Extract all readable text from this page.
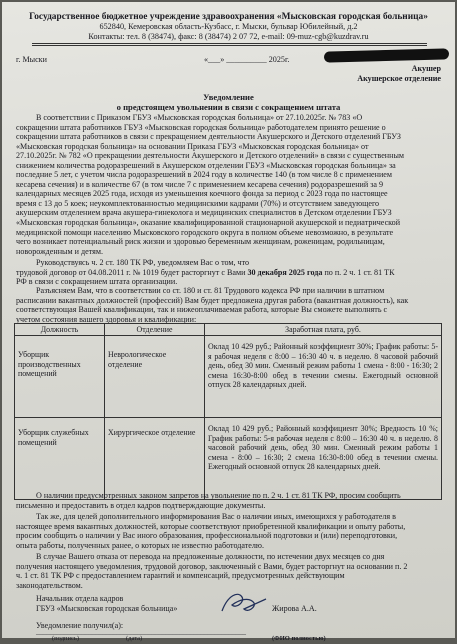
Государственное бюджетное учреждение здравоохранения «Мысковская городская больница»
652840, Кемеровская область-Кузбасс, г. Мыски, бульвар Юбилейный, д.2
Контакты: тел. 8 (38474), факс: 8 (38474) 2 07 72, e-mail: 09-muz-cgb@kuzdrav.ru
г. Мыски	«___» __________ 2025г.
Акушер
Акушерское отделение
Уведомление
о предстоящем увольнении в связи с сокращением штата
В соответствии с Приказом ГБУЗ «Мысковская городская больница» от 27.10.2025г. № 783 «О
сокращении штата работников ГБУЗ «Мысковская городская больница» работодателем принято решение о
сокращении штата работников в связи с прекращением деятельности Акушерского и Детского отделений ГБУЗ
«Мысковская городская больница» на основании Приказа ГБУЗ «Мысковская городская больница» от
27.10.2025г. № 782 «О прекращении деятельности Акушерского и Детского отделений» в связи с существенным
снижением количества родоразрешений в Акушерском отделении ГБУЗ «Мысковская городская больница» за
последние 5 лет, с учетом числа родоразрешений в 2024 году в количестве 140 (в том числе 8 с применением
кесарева сечения) и в количестве 67 (в том числе 7 с применением кесарева сечения) родоразрешений за 9
календарных месяцев 2025 года, исходя из уменьшения коечного фонда за период с 2023 года по настоящее
время с 13 до 5 коек; неукомплектованностью медицинскими кадрами (70%) и отсутствием заведующего
акушерским отделением врача акушера-гинеколога и медицинских специалистов в Детском отделении ГБУЗ
«Мысковская городская больница», оказание квалифицированной стационарной акушерской и педиатрической
медицинской помощи населению Мысковского городского округа в полном объеме невозможно, в результате
чего возникает потенциальный риск жизни и здоровью беременным женщинам, роженицам, родильницам,
новорожденным и детям.
Руководствуясь ч. 2 ст. 180 ТК РФ, уведомляем Вас о том, что
трудовой договор от 04.08.2011 г. № 1019 будет расторгнут с Вами 30 декабря 2025 года по п. 2 ч. 1 ст. 81 ТК
РФ в связи с сокращением штата организации.
Разъясняем Вам, что в соответствии со ст. 180 и ст. 81 Трудового кодекса РФ при наличии в штатном
расписании вакантных должностей (профессий) Вам будет предложена другая работа (вакантная должность), как
соответствующая Вашей квалификации, так и нижеоплачиваемая работа, которые Вы сможете выполнять с
учетом состояния вашего здоровья и квалификации:
Должность	Отделение	Заработная плата, руб.
Уборщик производственных помещений	Неврологическое отделение	Оклад 10 429 руб.; Районный коэффициент 30%; График работы: 5-я рабочая неделя с 8:00 – 16:30 40 ч. в неделю. 8 часовой рабочий день, обед 30 мин. Сменный режим работы 1 смена - 8:00 - 16:30; 2 смена 16:30-8:00 обед в течении смены. Ежегодный основной отпуск 28 календарных дней.
Уборщик служебных помещений	Хирургическое отделение	Оклад 10 429 руб.; Районный коэффициент 30%; Вредность 10 %; График работы: 5-я рабочая неделя с 8:00 – 16:30 40 ч. в неделю. 8 часовой рабочий день, обед 30 мин. Сменный режим работы 1 смена - 8:00 – 16:30; 2 смена 16:30-8:00 обед в течении смены. Ежегодный основной отпуск 28 календарных дней.
О наличии предусмотренных законом запретов на увольнение по п. 2 ч. 1 ст. 81 ТК РФ, просим сообщить
письменно и предоставить в отдел кадров подтверждающие документы.
Так же, для целей дополнительного информирования Вас о наличии иных, имеющихся у работодателя в
настоящее время вакантных должностей, которые соответствуют приобретенной квалификации и опыту работы,
просим сообщить о наличии у Вас иного образования, профессиональной подготовки и (или) переподготовки,
опыта работы, полученных ранее, о которых не известно работодателю.
В случае Вашего отказа от перевода на предложенные должности, по истечении двух месяцев со дня
получения настоящего уведомления, трудовой договор, заключенный с Вами, будет расторгнут на основании п. 2
ч. 1 ст. 81 ТК РФ с предоставлением гарантий и компенсаций, предусмотренных действующим
законодательством.
Начальник отдела кадров
ГБУЗ «Мысковская городская больница»	Жирова А.А.
Уведомление получил(а):
____________________________________________________________
(подпись)	(дата)	(ФИО полностью)
